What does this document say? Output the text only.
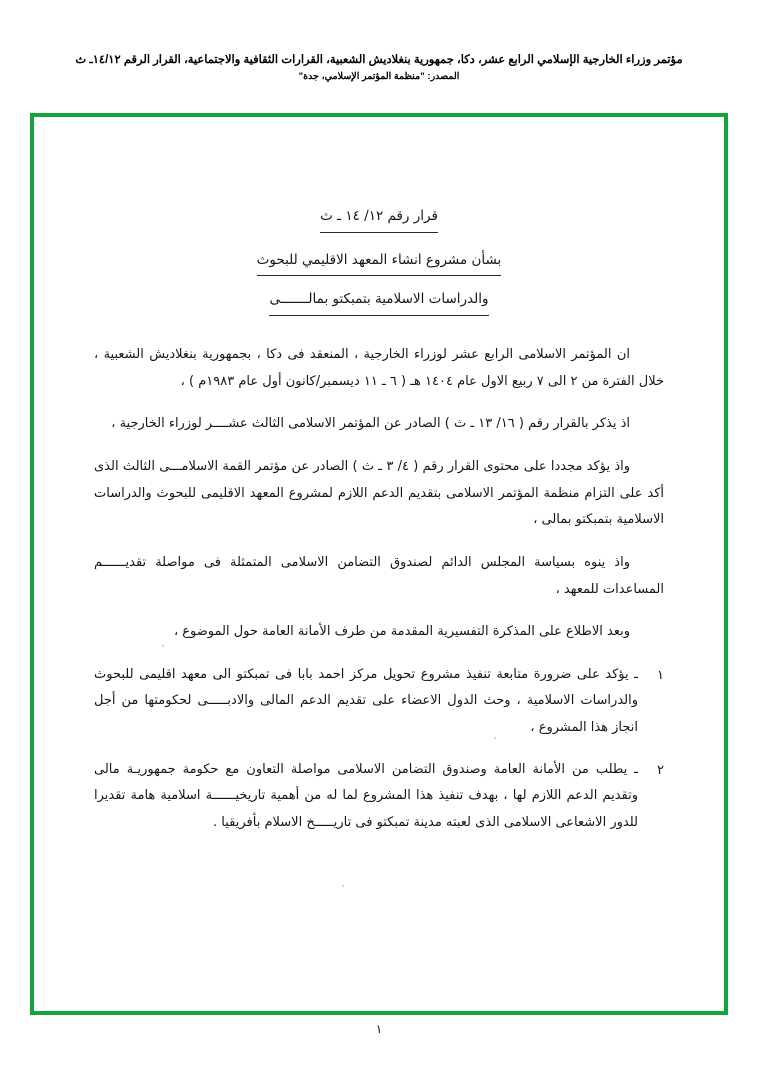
مؤتمر وزراء الخارجية الإسلامي الرابع عشر، دكا، جمهورية بنغلاديش الشعبية، القرارات الثقافية والاجتماعية، القرار الرقم ١٤/١٢ـ ث
المصدر: "منظمة المؤتمر الإسلامي، جدة"
قرار رقم ١٢/ ١٤ ـ ث
بشأن مشروع انشاء المعهد الاقليمي للبحوث
والدراسات الاسلامية بتمبكتو بمالـــــــى

ان المؤتمر الاسلامى الرابع عشر لوزراء الخارجية ، المنعقد فى دكا ، بجمهورية بنغلاديش الشعبية ، خلال الفترة من ٢ الى ٧ ربيع الاول عام ١٤٠٤ هـ ( ٦ ـ ١١ ديسمبر/كانون أول عام ١٩٨٣م ) ،

اذ يذكر بالقرار رقم ( ١٦/ ١٣ ـ ث ) الصادر عن المؤتمر الاسلامى الثالث عشــــر لوزراء الخارجية ،

واذ يؤكد مجددا على محتوى القرار رقم ( ٤/ ٣ ـ ث ) الصادر عن مؤتمر القمة الاسلامـــى الثالث الذى أكد على التزام منظمة المؤتمر الاسلامى بتقديم الدعم اللازم لمشروع المعهد الاقليمى للبحوث والدراسات الاسلامية بتمبكتو بمالى ،

واذ ينوه بسياسة المجلس الدائم لصندوق التضامن الاسلامى المتمثلة فى مواصلة تقديــــــم المساعدات للمعهد ،

وبعد الاطلاع على المذكرة التفسيرية المقدمة من طرف الأمانة العامة حول الموضوع ،

١
ـ يؤكد على ضرورة متابعة تنفيذ مشروع تحويل مركز احمد بابا فى تمبكتو الى معهد اقليمى للبحوث والدراسات الاسلامية ، وحث الدول الاعضاء على تقديم الدعم المالى والادبـــــى لحكومتها من أجل انجاز هذا المشروع ،
٢
ـ يطلب من الأمانة العامة وصندوق التضامن الاسلامى مواصلة التعاون مع حكومة جمهوريـة مالى وتقديم الدعم اللازم لها ، بهدف تنفيذ هذا المشروع لما له من أهمية تاريخيــــــة اسلامية هامة تقديرا للدور الاشعاعى الاسلامى الذى لعبته مدينة تمبكتو فى تاريـــــخ الاسلام بأفريقيا .
١
